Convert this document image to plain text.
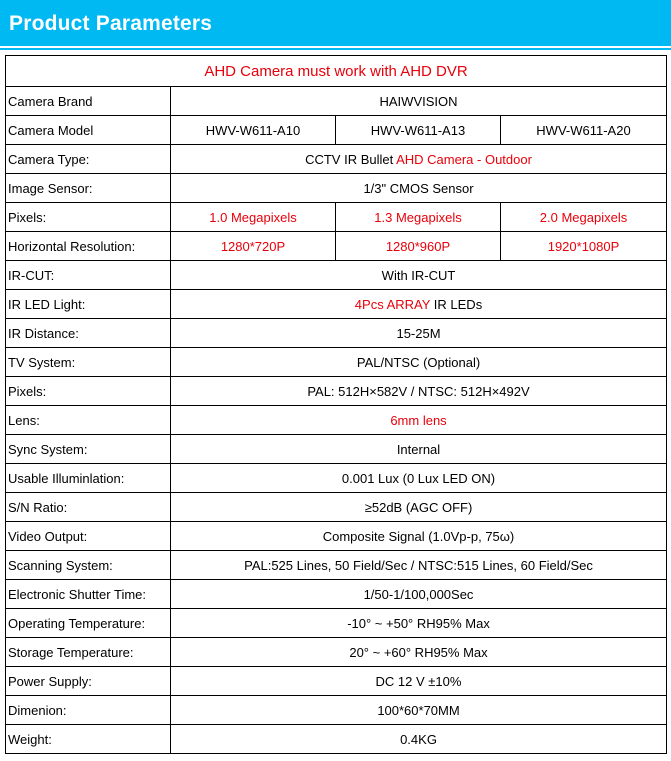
Product Parameters
AHD Camera must work with AHD DVR			
Camera Brand	HAIWVISION		
Camera Model	HWV-W611-A10	HWV-W611-A13	HWV-W611-A20
Camera Type:	CCTV IR Bullet AHD Camera - Outdoor		
Image Sensor:	1/3" CMOS Sensor		
Pixels:	1.0 Megapixels	1.3 Megapixels	2.0 Megapixels
Horizontal Resolution:	1280*720P	1280*960P	1920*1080P
IR-CUT:	With IR-CUT		
IR LED Light:	4Pcs ARRAY IR LEDs		
IR Distance:	15-25M		
TV System:	PAL/NTSC (Optional)		
Pixels:	PAL: 512H×582V / NTSC: 512H×492V		
Lens:	6mm lens		
Sync System:	Internal		
Usable Illuminlation:	0.001 Lux (0 Lux LED ON)		
S/N Ratio:	≥52dB (AGC OFF)		
Video Output:	Composite Signal (1.0Vp-p, 75ω)		
Scanning System:	PAL:525 Lines, 50 Field/Sec / NTSC:515 Lines, 60 Field/Sec		
Electronic Shutter Time:	1/50-1/100,000Sec		
Operating Temperature:	-10° ~ +50° RH95% Max		
Storage Temperature:	20° ~ +60° RH95% Max		
Power Supply:	DC 12 V ±10%		
Dimenion:	100*60*70MM		
Weight:	0.4KG		
